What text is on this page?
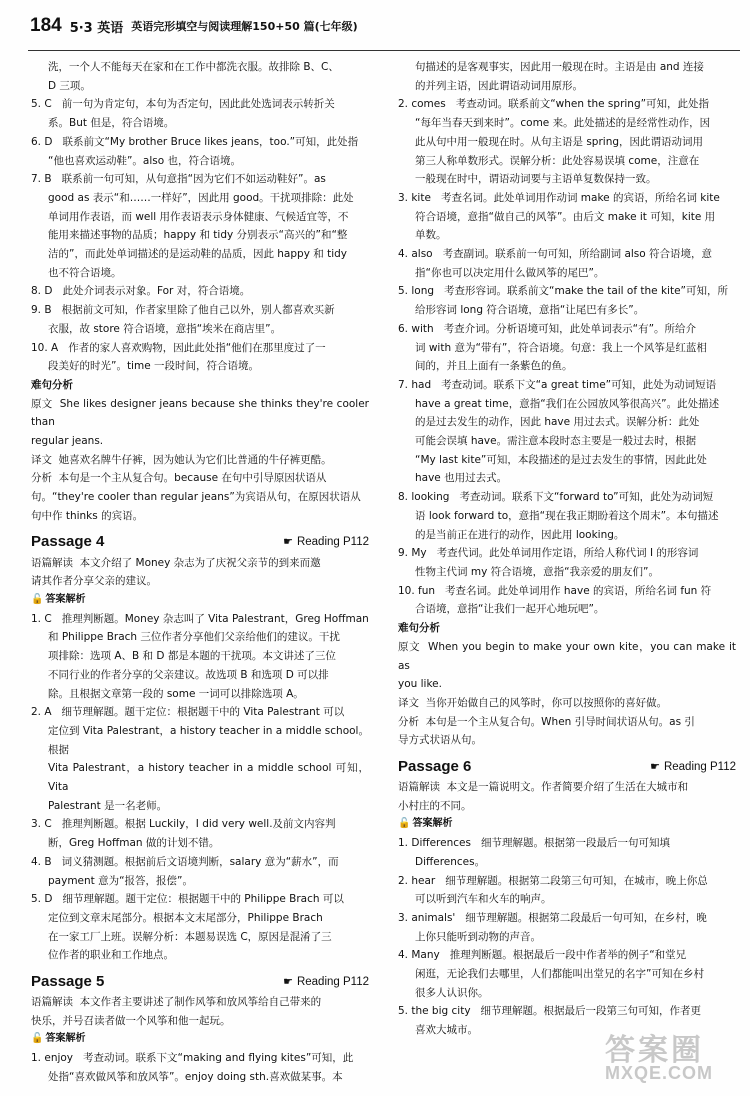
184 5·3 英语 英语完形填空与阅读理解150+50 篇(七年级)
洗，一个人不能每天在家和在工作中都洗衣服。故排除 B、C、
D 三项。
5. C   前一句为肯定句，本句为否定句，因此此处选词表示转折关
系。But 但是，符合语境。
6. D   联系前文“My brother Bruce likes jeans，too.”可知，此处指
“他也喜欢运动鞋”。also 也，符合语境。
7. B   联系前一句可知，从句意指“因为它们不如运动鞋好”。as
good as 表示“和……一样好”，因此用 good。干扰项排除：此处
单词用作表语，而 well 用作表语表示身体健康、气候适宜等，不
能用来描述事物的品质；happy 和 tidy 分别表示“高兴的”和“整
洁的”，而此处单词描述的是运动鞋的品质，因此 happy 和 tidy
也不符合语境。
8. D   此处介词表示对象。For 对，符合语境。
9. B   根据前文可知，作者家里除了他自己以外，别人都喜欢买新
衣服，故 store 符合语境，意指“埃米在商店里”。
10. A   作者的家人喜欢购物，因此此处指“他们在那里度过了一
段美好的时光”。time 一段时间，符合语境。
难句分析
原文  She likes designer jeans because she thinks they're cooler than
regular jeans.
译文  她喜欢名牌牛仔裤，因为她认为它们比普通的牛仔裤更酷。
分析  本句是一个主从复合句。because 在句中引导原因状语从
句。“they're cooler than regular jeans”为宾语从句，在原因状语从
句中作 thinks 的宾语。
Passage 4	☛ Reading P112
语篇解读  本文介绍了 Money 杂志为了庆祝父亲节的到来而邀
请其作者分享父亲的建议。
🔓 答案解析
1. C   推理判断题。Money 杂志叫了 Vita Palestrant，Greg Hoffman
和 Philippe Brach 三位作者分享他们父亲给他们的建议。干扰
项排除：选项 A、B 和 D 都是本题的干扰项。本文讲述了三位
不同行业的作者分享的父亲建议。故选项 B 和选项 D 可以排
除。且根据文章第一段的 some 一词可以排除选项 A。
2. A   细节理解题。题干定位：根据题干中的 Vita Palestrant 可以
定位到 Vita Palestrant，a history teacher in a middle school。根据
Vita Palestrant，a history teacher in a middle school 可知，Vita
Palestrant 是一名老师。
3. C   推理判断题。根据 Luckily，I did very well.及前文内容判
断，Greg Hoffman 做的计划不错。
4. B   词义猜测题。根据前后文语境判断，salary 意为“薪水”，而
payment 意为“报答，报偿”。
5. D   细节理解题。题干定位：根据题干中的 Philippe Brach 可以
定位到文章末尾部分。根据本文末尾部分，Philippe Brach
在一家工厂上班。误解分析：本题易误选 C，原因是混淆了三
位作者的职业和工作地点。
Passage 5	☛ Reading P112
语篇解读  本文作者主要讲述了制作风筝和放风筝给自己带来的
快乐，并号召读者做一个风筝和他一起玩。
🔓 答案解析
1. enjoy   考查动词。联系下文“making and flying kites”可知，此
处指“喜欢做风筝和放风筝”。enjoy doing sth.喜欢做某事。本
句描述的是客观事实，因此用一般现在时。主语是由 and 连接
的并列主语，因此谓语动词用原形。
2. comes   考查动词。联系前文“when the spring”可知，此处指
“每年当春天到来时”。come 来。此处描述的是经常性动作，因
此从句中用一般现在时。从句主语是 spring，因此谓语动词用
第三人称单数形式。误解分析：此处容易误填 come，注意在
一般现在时中，谓语动词要与主语单复数保持一致。
3. kite   考查名词。此处单词用作动词 make 的宾语，所给名词 kite
符合语境，意指“做自己的风筝”。由后文 make it 可知，kite 用
单数。
4. also   考查副词。联系前一句可知，所给副词 also 符合语境，意
指“你也可以决定用什么做风筝的尾巴”。
5. long   考查形容词。联系前文“make the tail of the kite”可知，所
给形容词 long 符合语境，意指“让尾巴有多长”。
6. with   考查介词。分析语境可知，此处单词表示“有”。所给介
词 with 意为“带有”，符合语境。句意：我上一个风筝是红蓝相
间的，并且上面有一条紫色的鱼。
7. had   考查动词。联系下文“a great time”可知，此处为动词短语
have a great time，意指“我们在公园放风筝很高兴”。此处描述
的是过去发生的动作，因此 have 用过去式。误解分析：此处
可能会误填 have。需注意本段时态主要是一般过去时，根据
“My last kite”可知，本段描述的是过去发生的事情，因此此处
have 也用过去式。
8. looking   考查动词。联系下文“forward to”可知，此处为动词短
语 look forward to，意指“现在我正期盼着这个周末”。本句描述
的是当前正在进行的动作，因此用 looking。
9. My   考查代词。此处单词用作定语，所给人称代词 I 的形容词
性物主代词 my 符合语境，意指“我亲爱的朋友们”。
10. fun   考查名词。此处单词用作 have 的宾语，所给名词 fun 符
合语境，意指“让我们一起开心地玩吧”。
难句分析
原文  When you begin to make your own kite，you can make it as
you like.
译文  当你开始做自己的风筝时，你可以按照你的喜好做。
分析  本句是一个主从复合句。When 引导时间状语从句。as 引
导方式状语从句。
Passage 6	☛ Reading P112
语篇解读  本文是一篇说明文。作者简要介绍了生活在大城市和
小村庄的不同。
🔓 答案解析
1. Differences   细节理解题。根据第一段最后一句可知填
Differences。
2. hear   细节理解题。根据第二段第三句可知，在城市，晚上你总
可以听到汽车和火车的响声。
3. animals'   细节理解题。根据第二段最后一句可知，在乡村，晚
上你只能听到动物的声音。
4. Many   推理判断题。根据最后一段中作者举的例子“和堂兄
闲逛，无论我们去哪里，人们都能叫出堂兄的名字”可知在乡村
很多人认识你。
5. the big city   细节理解题。根据最后一段第三句可知，作者更
喜欢大城市。
答案圈
MXQE.COM
